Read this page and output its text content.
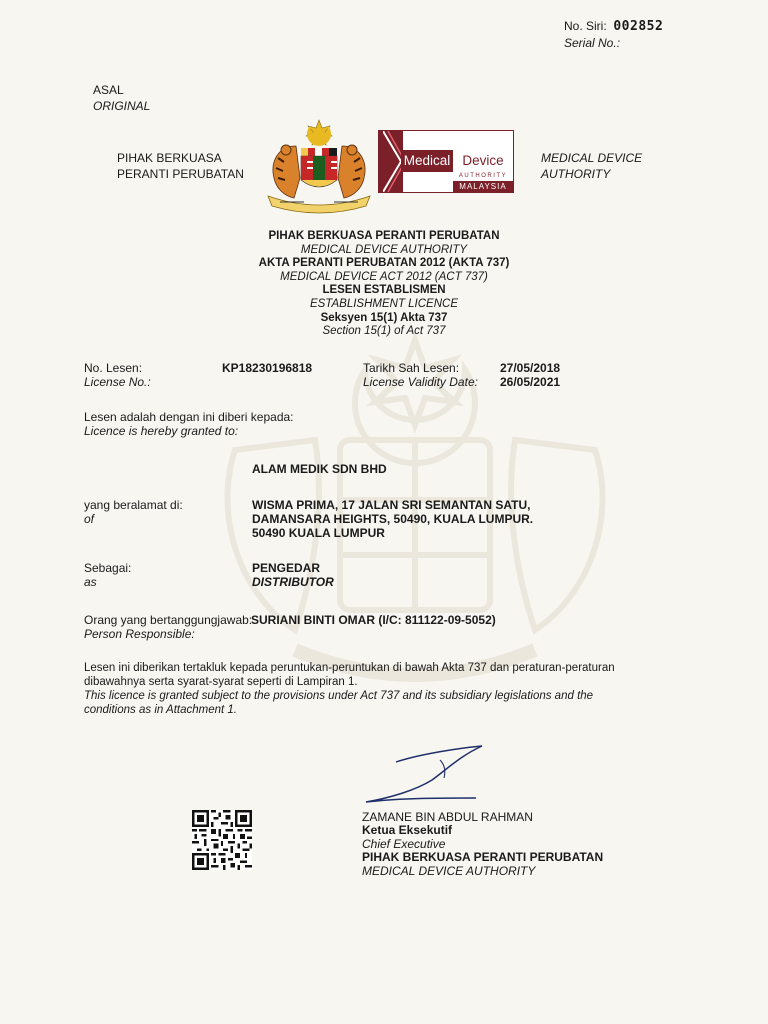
No. Siri: 002852
Serial No.:
ASAL
ORIGINAL
PIHAK BERKUASA
PERANTI PERUBATAN
MEDICAL DEVICE
AUTHORITY
Medical Device
AUTHORITY
MALAYSIA
PIHAK BERKUASA PERANTI PERUBATAN
MEDICAL DEVICE AUTHORITY
AKTA PERANTI PERUBATAN 2012 (AKTA 737)
MEDICAL DEVICE ACT 2012 (ACT 737)
LESEN ESTABLISMEN
ESTABLISHMENT LICENCE
Seksyen 15(1) Akta 737
Section 15(1) of Act 737
No. Lesen:
License No.:
KP18230196818	Tarikh Sah Lesen:
License Validity Date:
27/05/2018
26/05/2021
Lesen adalah dengan ini diberi kepada:
Licence is hereby granted to:
ALAM MEDIK SDN BHD
yang beralamat di:
of
WISMA PRIMA, 17 JALAN SRI SEMANTAN SATU,
DAMANSARA HEIGHTS, 50490, KUALA LUMPUR.
50490 KUALA LUMPUR
Sebagai:
as
PENGEDAR
DISTRIBUTOR
Orang yang bertanggungjawab:
Person Responsible:
SURIANI BINTI OMAR (I/C: 811122-09-5052)
Lesen ini diberikan tertakluk kepada peruntukan-peruntukan di bawah Akta 737 dan peraturan-peraturan
dibawahnya serta syarat-syarat seperti di Lampiran 1.
This licence is granted subject to the provisions under Act 737 and its subsidiary legislations and the
conditions as in Attachment 1.
ZAMANE BIN ABDUL RAHMAN
Ketua Eksekutif
Chief Executive
PIHAK BERKUASA PERANTI PERUBATAN
MEDICAL DEVICE AUTHORITY
